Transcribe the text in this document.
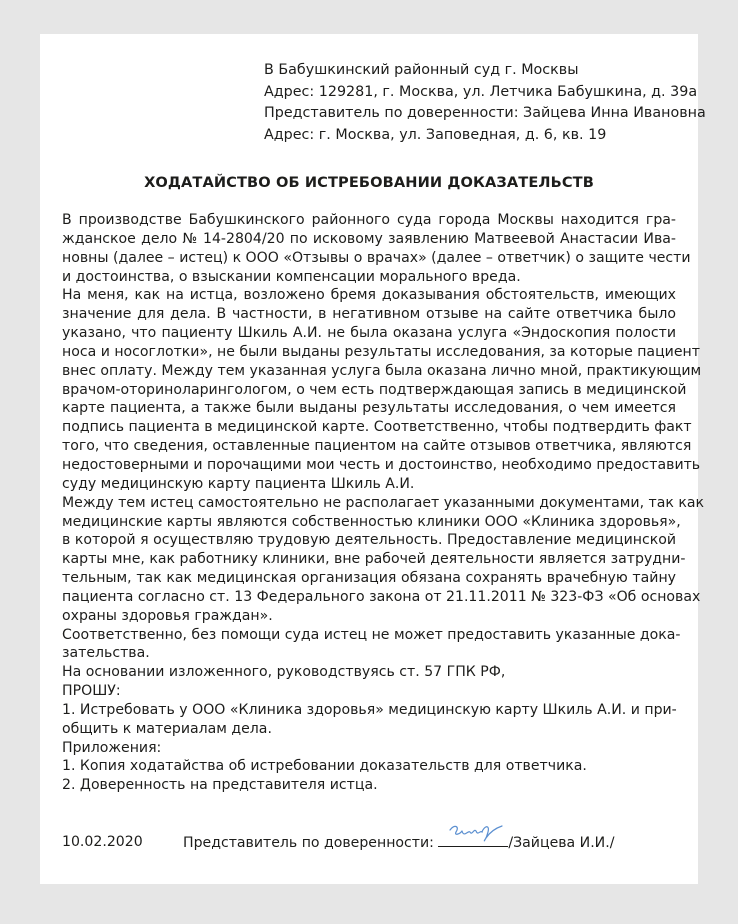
В Бабушкинский районный суд г. Москвы
Адрес: 129281, г. Москва, ул. Летчика Бабушкина, д. 39а
Представитель по доверенности: Зайцева Инна Ивановна
Адрес: г. Москва, ул. Заповедная, д. 6, кв. 19
ХОДАТАЙСТВО ОБ ИСТРЕБОВАНИИ ДОКАЗАТЕЛЬСТВ
В производстве Бабушкинского районного суда города Москвы находится гра-
жданское дело № 14-2804/20 по исковому заявлению Матвеевой Анастасии Ива-
новны (далее – истец) к ООО «Отзывы о врачах» (далее – ответчик) о защите чести
и достоинства, о взыскании компенсации морального вреда.
На меня, как на истца, возложено бремя доказывания обстоятельств, имеющих
значение для дела. В частности, в негативном отзыве на сайте ответчика было
указано, что пациенту Шкиль А.И. не была оказана услуга «Эндоскопия полости
носа и носоглотки», не были выданы результаты исследования, за которые пациент
внес оплату. Между тем указанная услуга была оказана лично мной, практикующим
врачом-оториноларингологом, о чем есть подтверждающая запись в медицинской
карте пациента, а также были выданы результаты исследования, о чем имеется
подпись пациента в медицинской карте. Соответственно, чтобы подтвердить факт
того, что сведения, оставленные пациентом на сайте отзывов ответчика, являются
недостоверными и порочащими мои честь и достоинство, необходимо предоставить
суду медицинскую карту пациента Шкиль А.И.
Между тем истец самостоятельно не располагает указанными документами, так как
медицинские карты являются собственностью клиники ООО «Клиника здоровья»,
в которой я осуществляю трудовую деятельность. Предоставление медицинской
карты мне, как работнику клиники, вне рабочей деятельности является затрудни-
тельным, так как медицинская организация обязана сохранять врачебную тайну
пациента согласно ст. 13 Федерального закона от 21.11.2011 № 323-ФЗ «Об основах
охраны здоровья граждан».
Соответственно, без помощи суда истец не может предоставить указанные дока-
зательства.
На основании изложенного, руководствуясь ст. 57 ГПК РФ,
ПРОШУ:
1. Истребовать у ООО «Клиника здоровья» медицинскую карту Шкиль А.И. и при-
общить к материалам дела.
Приложения:
1. Копия ходатайства об истребовании доказательств для ответчика.
2. Доверенность на представителя истца.
10.02.2020	Представитель по доверенности:	/Зайцева И.И./
